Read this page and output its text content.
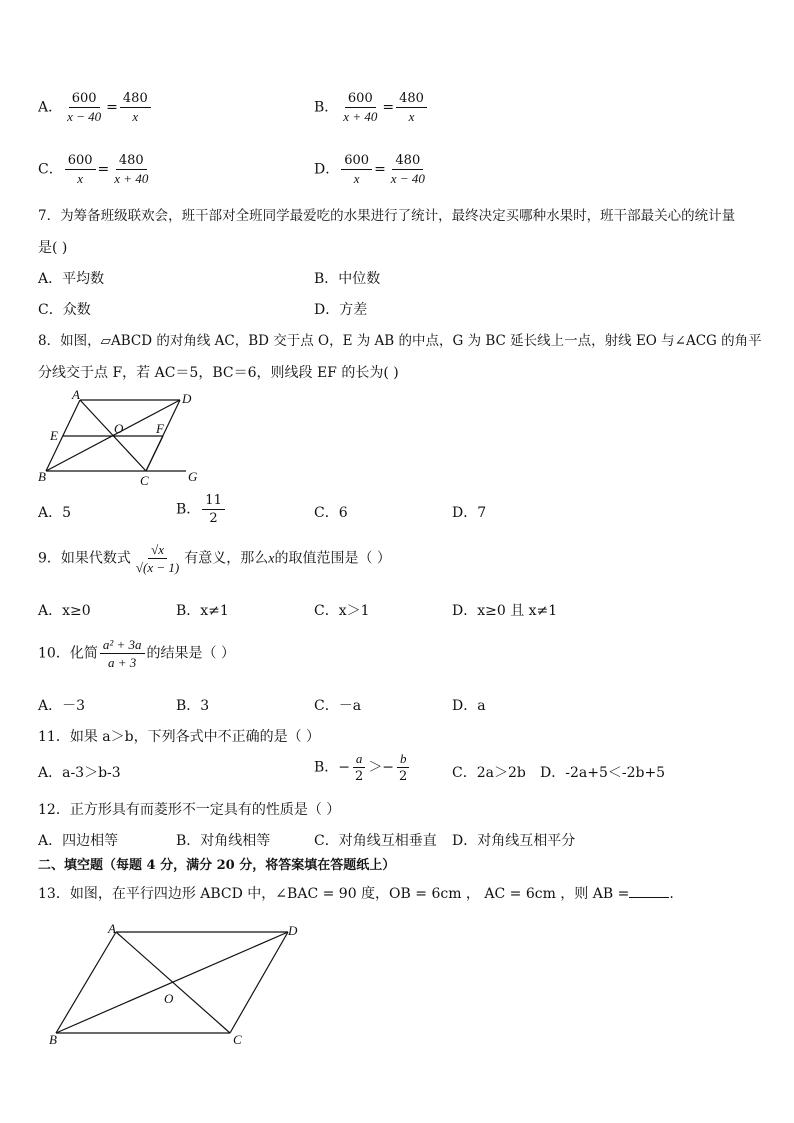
A． $\frac{600}{x - 40} = \frac{480}{x}$	B． $\frac{600}{x + 40} = \frac{480}{x}$
C． $\frac{600}{x} = \frac{480}{x + 40}$	D． $\frac{600}{x} = \frac{480}{x - 40}$
7．为筹备班级联欢会，班干部对全班同学最爱吃的水果进行了统计，最终决定买哪种水果时，班干部最关心的统计量
是( )
A．平均数	B．中位数
C．众数	D．方差
8．如图，▱ABCD 的对角线 AC，BD 交于点 O，E 为 AB 的中点，G 为 BC 延长线上一点，射线 EO 与∠ACG 的角平
分线交于点 F，若 AC＝5，BC＝6，则线段 EF 的长为( )
A	D
E	O	F
B	C	G
A．5	B． $\frac{11}{2}$	C．6	D．7
9．如果代数式 $\frac{√x}{√(x - 1)}$ 有意义，那么x的取值范围是（ ）
A．x≥0	B．x≠1	C．x＞1	D．x≥0 且 x≠1
10．化简 $\frac{\text{a² + 3a}}{a + 3}$ 的结果是（ ）
A．－3	B．3	C．－a	D．a
11．如果 a＞b，下列各式中不正确的是（ ）
A．a-3＞b-3	B．− $\frac{a}{2} >- \frac{b}{2}$	C．2a＞2b D．-2a+5＜-2b+5
12．正方形具有而菱形不一定具有的性质是（ ）
A．四边相等	B．对角线相等	C．对角线互相垂直 D．对角线互相平分
二、填空题（每题 4 分，满分 20 分，将答案填在答题纸上）
13．如图，在平行四边形 ABCD 中，∠BAC = 90 度，OB = 6cm ， AC = 6cm ，则 AB =	.
A	D
O
B	C
